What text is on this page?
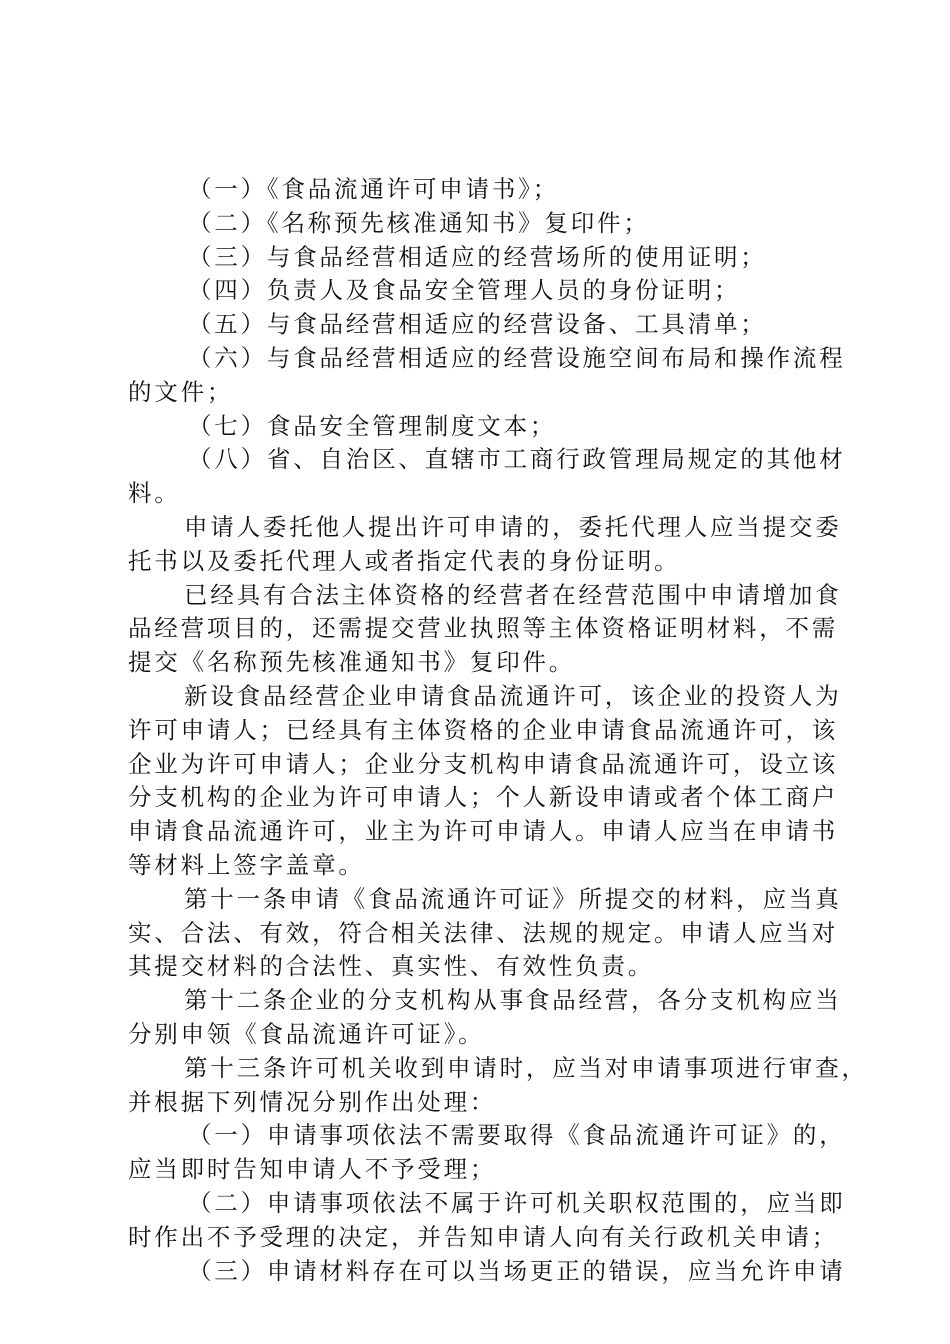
（一）《食品流通许可申请书》；
（二）《名称预先核准通知书》复印件；
（三）与食品经营相适应的经营场所的使用证明；
（四）负责人及食品安全管理人员的身份证明；
（五）与食品经营相适应的经营设备、工具清单；
（六）与食品经营相适应的经营设施空间布局和操作流程
的文件；
（七）食品安全管理制度文本；
（八）省、自治区、直辖市工商行政管理局规定的其他材
料。
申请人委托他人提出许可申请的，委托代理人应当提交委
托书以及委托代理人或者指定代表的身份证明。
已经具有合法主体资格的经营者在经营范围中申请增加食
品经营项目的，还需提交营业执照等主体资格证明材料，不需
提交《名称预先核准通知书》复印件。
新设食品经营企业申请食品流通许可，该企业的投资人为
许可申请人；已经具有主体资格的企业申请食品流通许可，该
企业为许可申请人；企业分支机构申请食品流通许可，设立该
分支机构的企业为许可申请人；个人新设申请或者个体工商户
申请食品流通许可，业主为许可申请人。申请人应当在申请书
等材料上签字盖章。
第十一条申请《食品流通许可证》所提交的材料，应当真
实、合法、有效，符合相关法律、法规的规定。申请人应当对
其提交材料的合法性、真实性、有效性负责。
第十二条企业的分支机构从事食品经营，各分支机构应当
分别申领《食品流通许可证》。
第十三条许可机关收到申请时，应当对申请事项进行审查，
并根据下列情况分别作出处理：
（一）申请事项依法不需要取得《食品流通许可证》的，
应当即时告知申请人不予受理；
（二）申请事项依法不属于许可机关职权范围的，应当即
时作出不予受理的决定，并告知申请人向有关行政机关申请；
（三）申请材料存在可以当场更正的错误，应当允许申请
